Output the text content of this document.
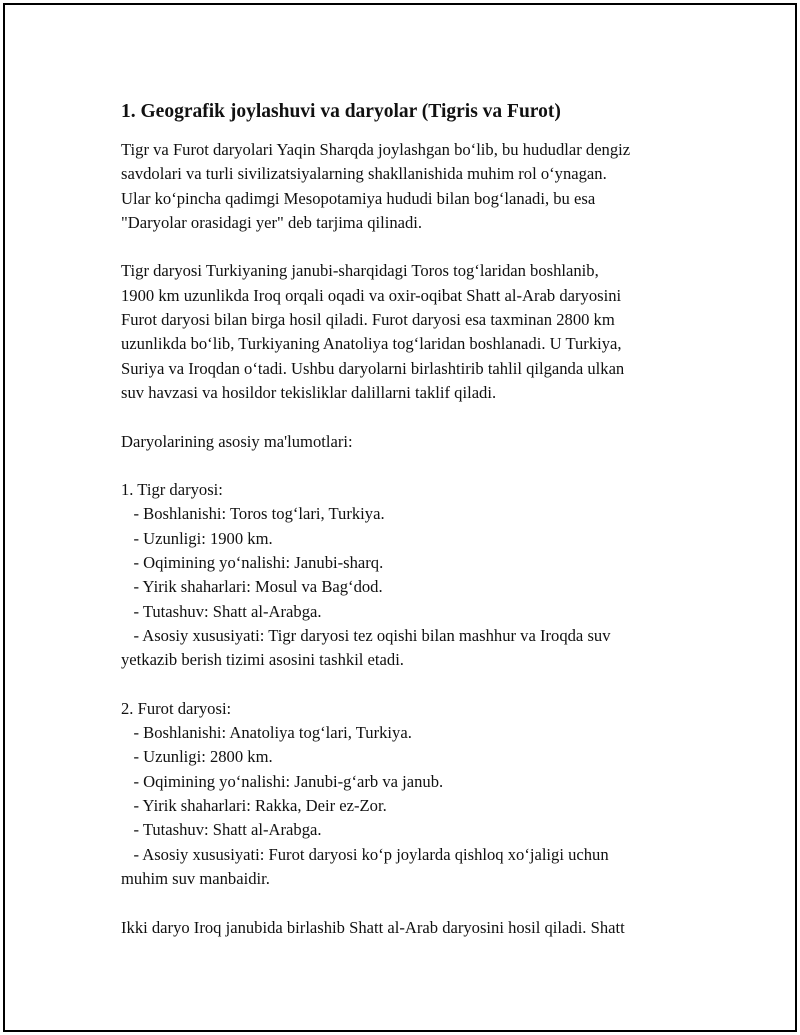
1. Geografik joylashuvi va daryolar (Tigris va Furot)

Tigr va Furot daryolari Yaqin Sharqda joylashgan bo‘lib, bu hududlar dengiz
savdolari va turli sivilizatsiyalarning shakllanishida muhim rol o‘ynagan.
Ular ko‘pincha qadimgi Mesopotamiya hududi bilan bog‘lanadi, bu esa
"Daryolar orasidagi yer" deb tarjima qilinadi.

Tigr daryosi Turkiyaning janubi-sharqidagi Toros tog‘laridan boshlanib,
1900 km uzunlikda Iroq orqali oqadi va oxir-oqibat Shatt al-Arab daryosini
Furot daryosi bilan birga hosil qiladi. Furot daryosi esa taxminan 2800 km
uzunlikda bo‘lib, Turkiyaning Anatoliya tog‘laridan boshlanadi. U Turkiya,
Suriya va Iroqdan o‘tadi. Ushbu daryolarni birlashtirib tahlil qilganda ulkan
suv havzasi va hosildor tekisliklar dalillarni taklif qiladi.

Daryolarining asosiy ma'lumotlari:

1. Tigr daryosi:
- Boshlanishi: Toros tog‘lari, Turkiya.
- Uzunligi: 1900 km.
- Oqimining yo‘nalishi: Janubi-sharq.
- Yirik shaharlari: Mosul va Bag‘dod.
- Tutashuv: Shatt al-Arabga.
- Asosiy xususiyati: Tigr daryosi tez oqishi bilan mashhur va Iroqda suv
yetkazib berish tizimi asosini tashkil etadi.

2. Furot daryosi:
- Boshlanishi: Anatoliya tog‘lari, Turkiya.
- Uzunligi: 2800 km.
- Oqimining yo‘nalishi: Janubi-g‘arb va janub.
- Yirik shaharlari: Rakka, Deir ez-Zor.
- Tutashuv: Shatt al-Arabga.
- Asosiy xususiyati: Furot daryosi ko‘p joylarda qishloq xo‘jaligi uchun
muhim suv manbaidir.

Ikki daryo Iroq janubida birlashib Shatt al-Arab daryosini hosil qiladi. Shatt
